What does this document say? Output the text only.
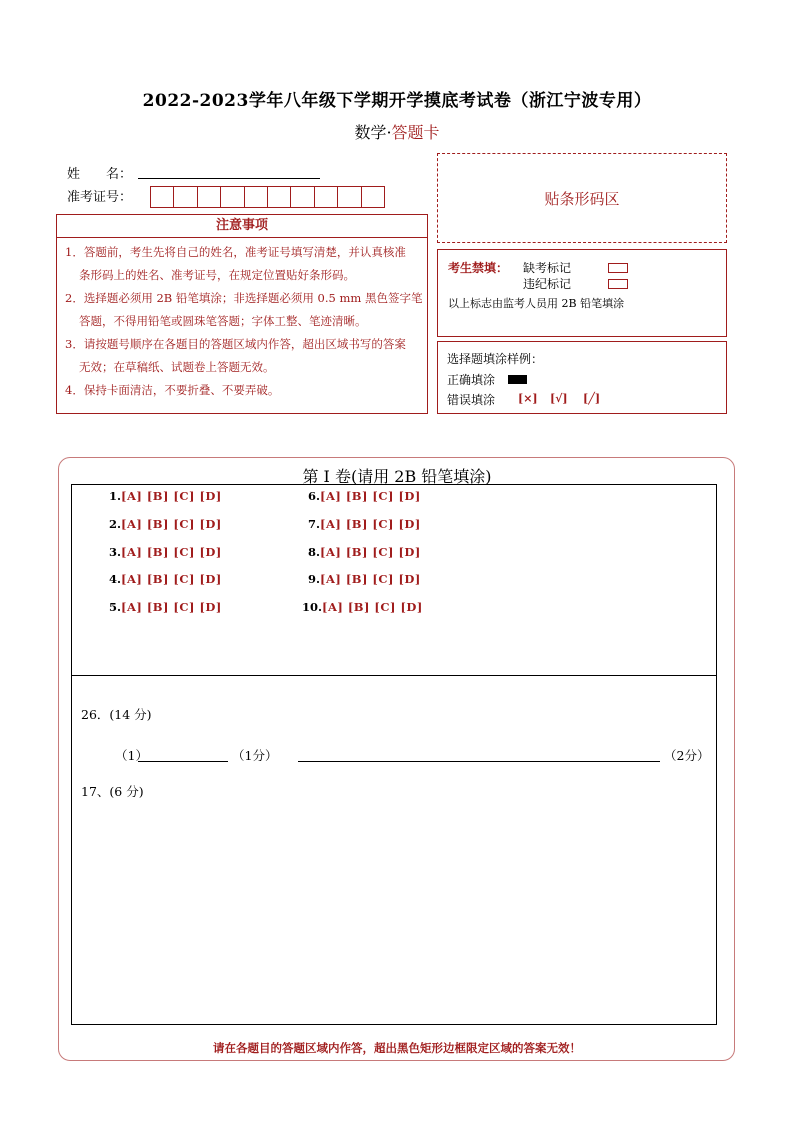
2022-2023学年八年级下学期开学摸底考试卷（浙江宁波专用）
数学·答题卡
姓　　名：
准考证号：	贴条形码区
注意事项
1．答题前，考生先将自己的姓名，准考证号填写清楚，并认真核准
条形码上的姓名、准考证号，在规定位置贴好条形码。
2．选择题必须用 2B 铅笔填涂；非选择题必须用 0.5 mm 黑色签字笔
答题，不得用铅笔或圆珠笔答题；字体工整、笔迹清晰。
3．请按题号顺序在各题目的答题区域内作答，超出区域书写的答案
无效；在草稿纸、试题卷上答题无效。
4．保持卡面清洁，不要折叠、不要弄破。
考生禁填： 缺考标记
违纪标记
以上标志由监考人员用 2B 铅笔填涂
选择题填涂样例：
正确填涂
错误填涂 [×] [√] [╱]
第 I 卷(请用 2B 铅笔填涂)
1.[A] [B] [C] [D]	6.[A] [B] [C] [D]
2.[A] [B] [C] [D]	7.[A] [B] [C] [D]
3.[A] [B] [C] [D]	8.[A] [B] [C] [D]
4.[A] [B] [C] [D]	9.[A] [B] [C] [D]
5.[A] [B] [C] [D]	10.[A] [B] [C] [D]
26．(14 分)
（1）	（1分）	（2分）
17、(6 分)
请在各题目的答题区域内作答，超出黑色矩形边框限定区域的答案无效！
